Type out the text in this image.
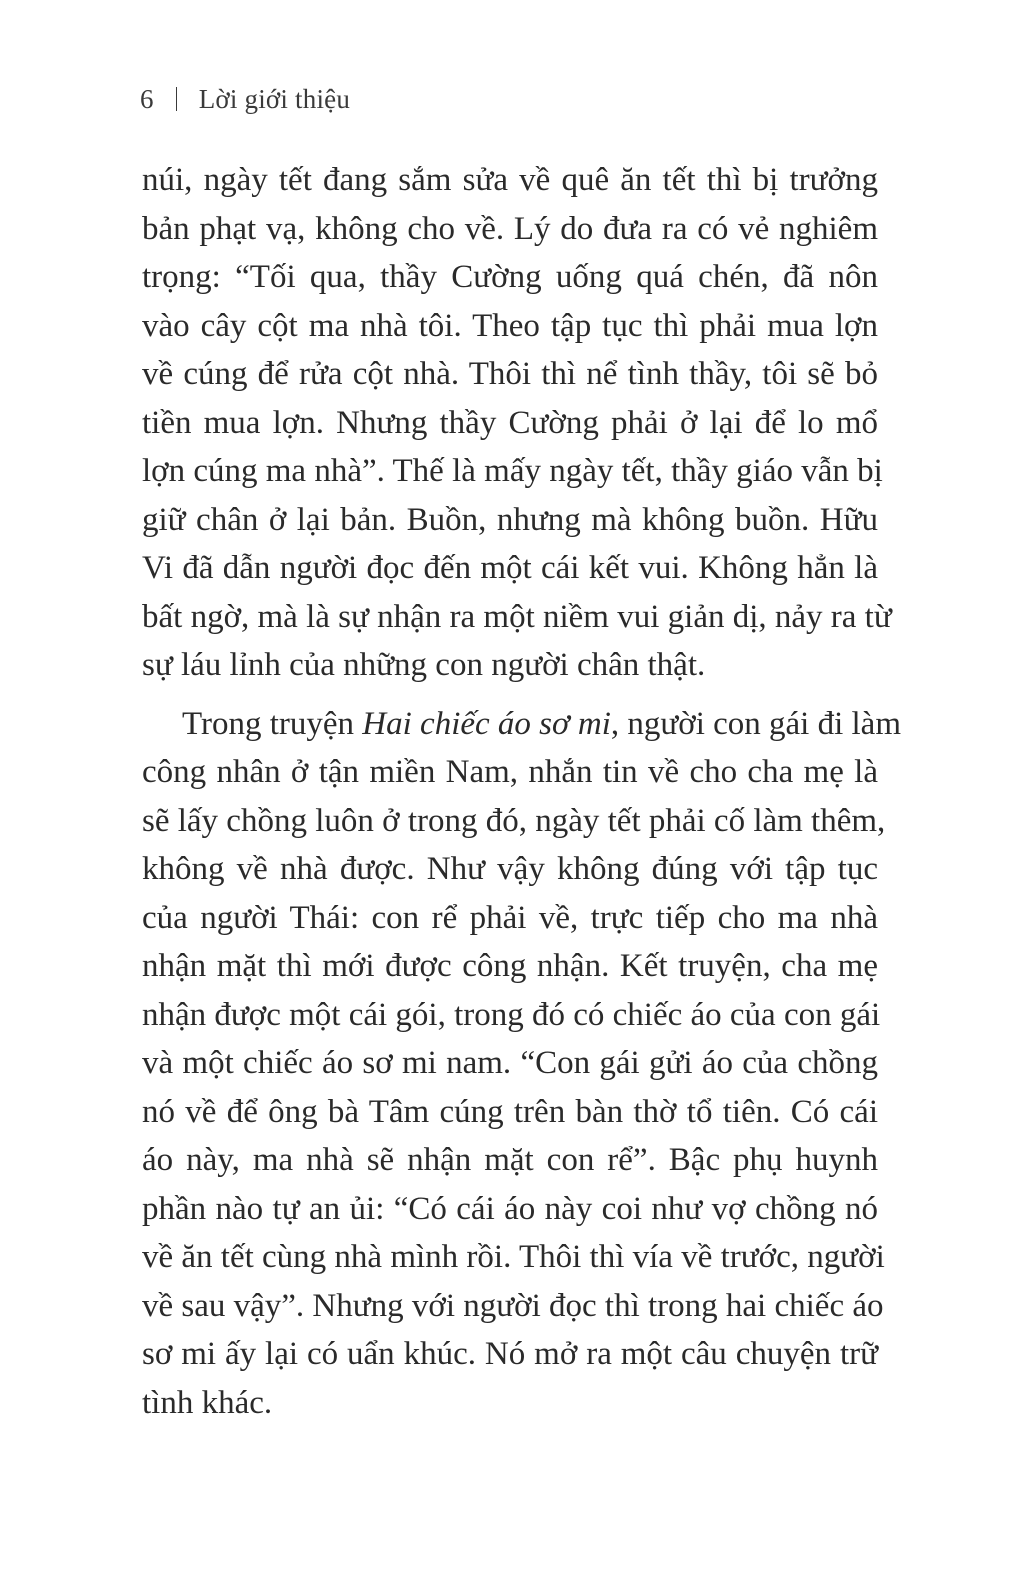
6 Lời giới thiệu
núi, ngày tết đang sắm sửa về quê ăn tết thì bị trưởng
bản phạt vạ, không cho về. Lý do đưa ra có vẻ nghiêm
trọng: “Tối qua, thầy Cường uống quá chén, đã nôn
vào cây cột ma nhà tôi. Theo tập tục thì phải mua lợn
về cúng để rửa cột nhà. Thôi thì nể tình thầy, tôi sẽ bỏ
tiền mua lợn. Nhưng thầy Cường phải ở lại để lo mổ
lợn cúng ma nhà”. Thế là mấy ngày tết, thầy giáo vẫn bị
giữ chân ở lại bản. Buồn, nhưng mà không buồn. Hữu
Vi đã dẫn người đọc đến một cái kết vui. Không hẳn là
bất ngờ, mà là sự nhận ra một niềm vui giản dị, nảy ra từ
sự láu lỉnh của những con người chân thật.
Trong truyện Hai chiếc áo sơ mi, người con gái đi làm
công nhân ở tận miền Nam, nhắn tin về cho cha mẹ là
sẽ lấy chồng luôn ở trong đó, ngày tết phải cố làm thêm,
không về nhà được. Như vậy không đúng với tập tục
của người Thái: con rể phải về, trực tiếp cho ma nhà
nhận mặt thì mới được công nhận. Kết truyện, cha mẹ
nhận được một cái gói, trong đó có chiếc áo của con gái
và một chiếc áo sơ mi nam. “Con gái gửi áo của chồng
nó về để ông bà Tâm cúng trên bàn thờ tổ tiên. Có cái
áo này, ma nhà sẽ nhận mặt con rể”. Bậc phụ huynh
phần nào tự an ủi: “Có cái áo này coi như vợ chồng nó
về ăn tết cùng nhà mình rồi. Thôi thì vía về trước, người
về sau vậy”. Nhưng với người đọc thì trong hai chiếc áo
sơ mi ấy lại có uẩn khúc. Nó mở ra một câu chuyện trữ
tình khác.
